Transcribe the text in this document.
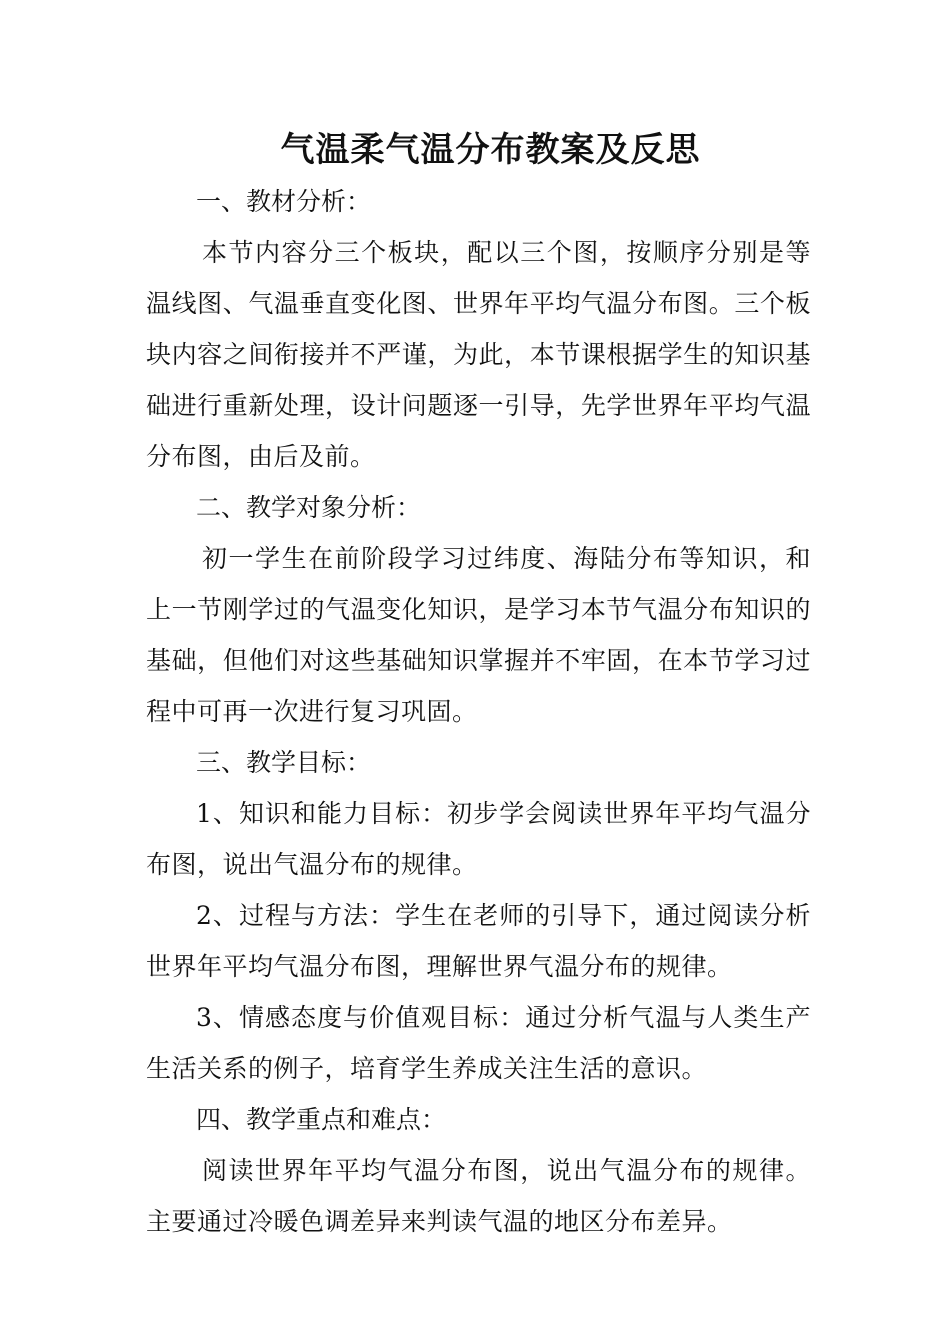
气温柔气温分布教案及反思
一、教材分析：

本节内容分三个板块，配以三个图，按顺序分别是等温线图、气温垂直变化图、世界年平均气温分布图。三个板块内容之间衔接并不严谨，为此，本节课根据学生的知识基础进行重新处理，设计问题逐一引导，先学世界年平均气温分布图，由后及前。

二、教学对象分析：

初一学生在前阶段学习过纬度、海陆分布等知识，和上一节刚学过的气温变化知识，是学习本节气温分布知识的基础，但他们对这些基础知识掌握并不牢固，在本节学习过程中可再一次进行复习巩固。

三、教学目标：

1、知识和能力目标：初步学会阅读世界年平均气温分布图，说出气温分布的规律。

2、过程与方法：学生在老师的引导下，通过阅读分析世界年平均气温分布图，理解世界气温分布的规律。

3、情感态度与价值观目标：通过分析气温与人类生产生活关系的例子，培育学生养成关注生活的意识。

四、教学重点和难点：

阅读世界年平均气温分布图，说出气温分布的规律。主要通过冷暖色调差异来判读气温的地区分布差异。
